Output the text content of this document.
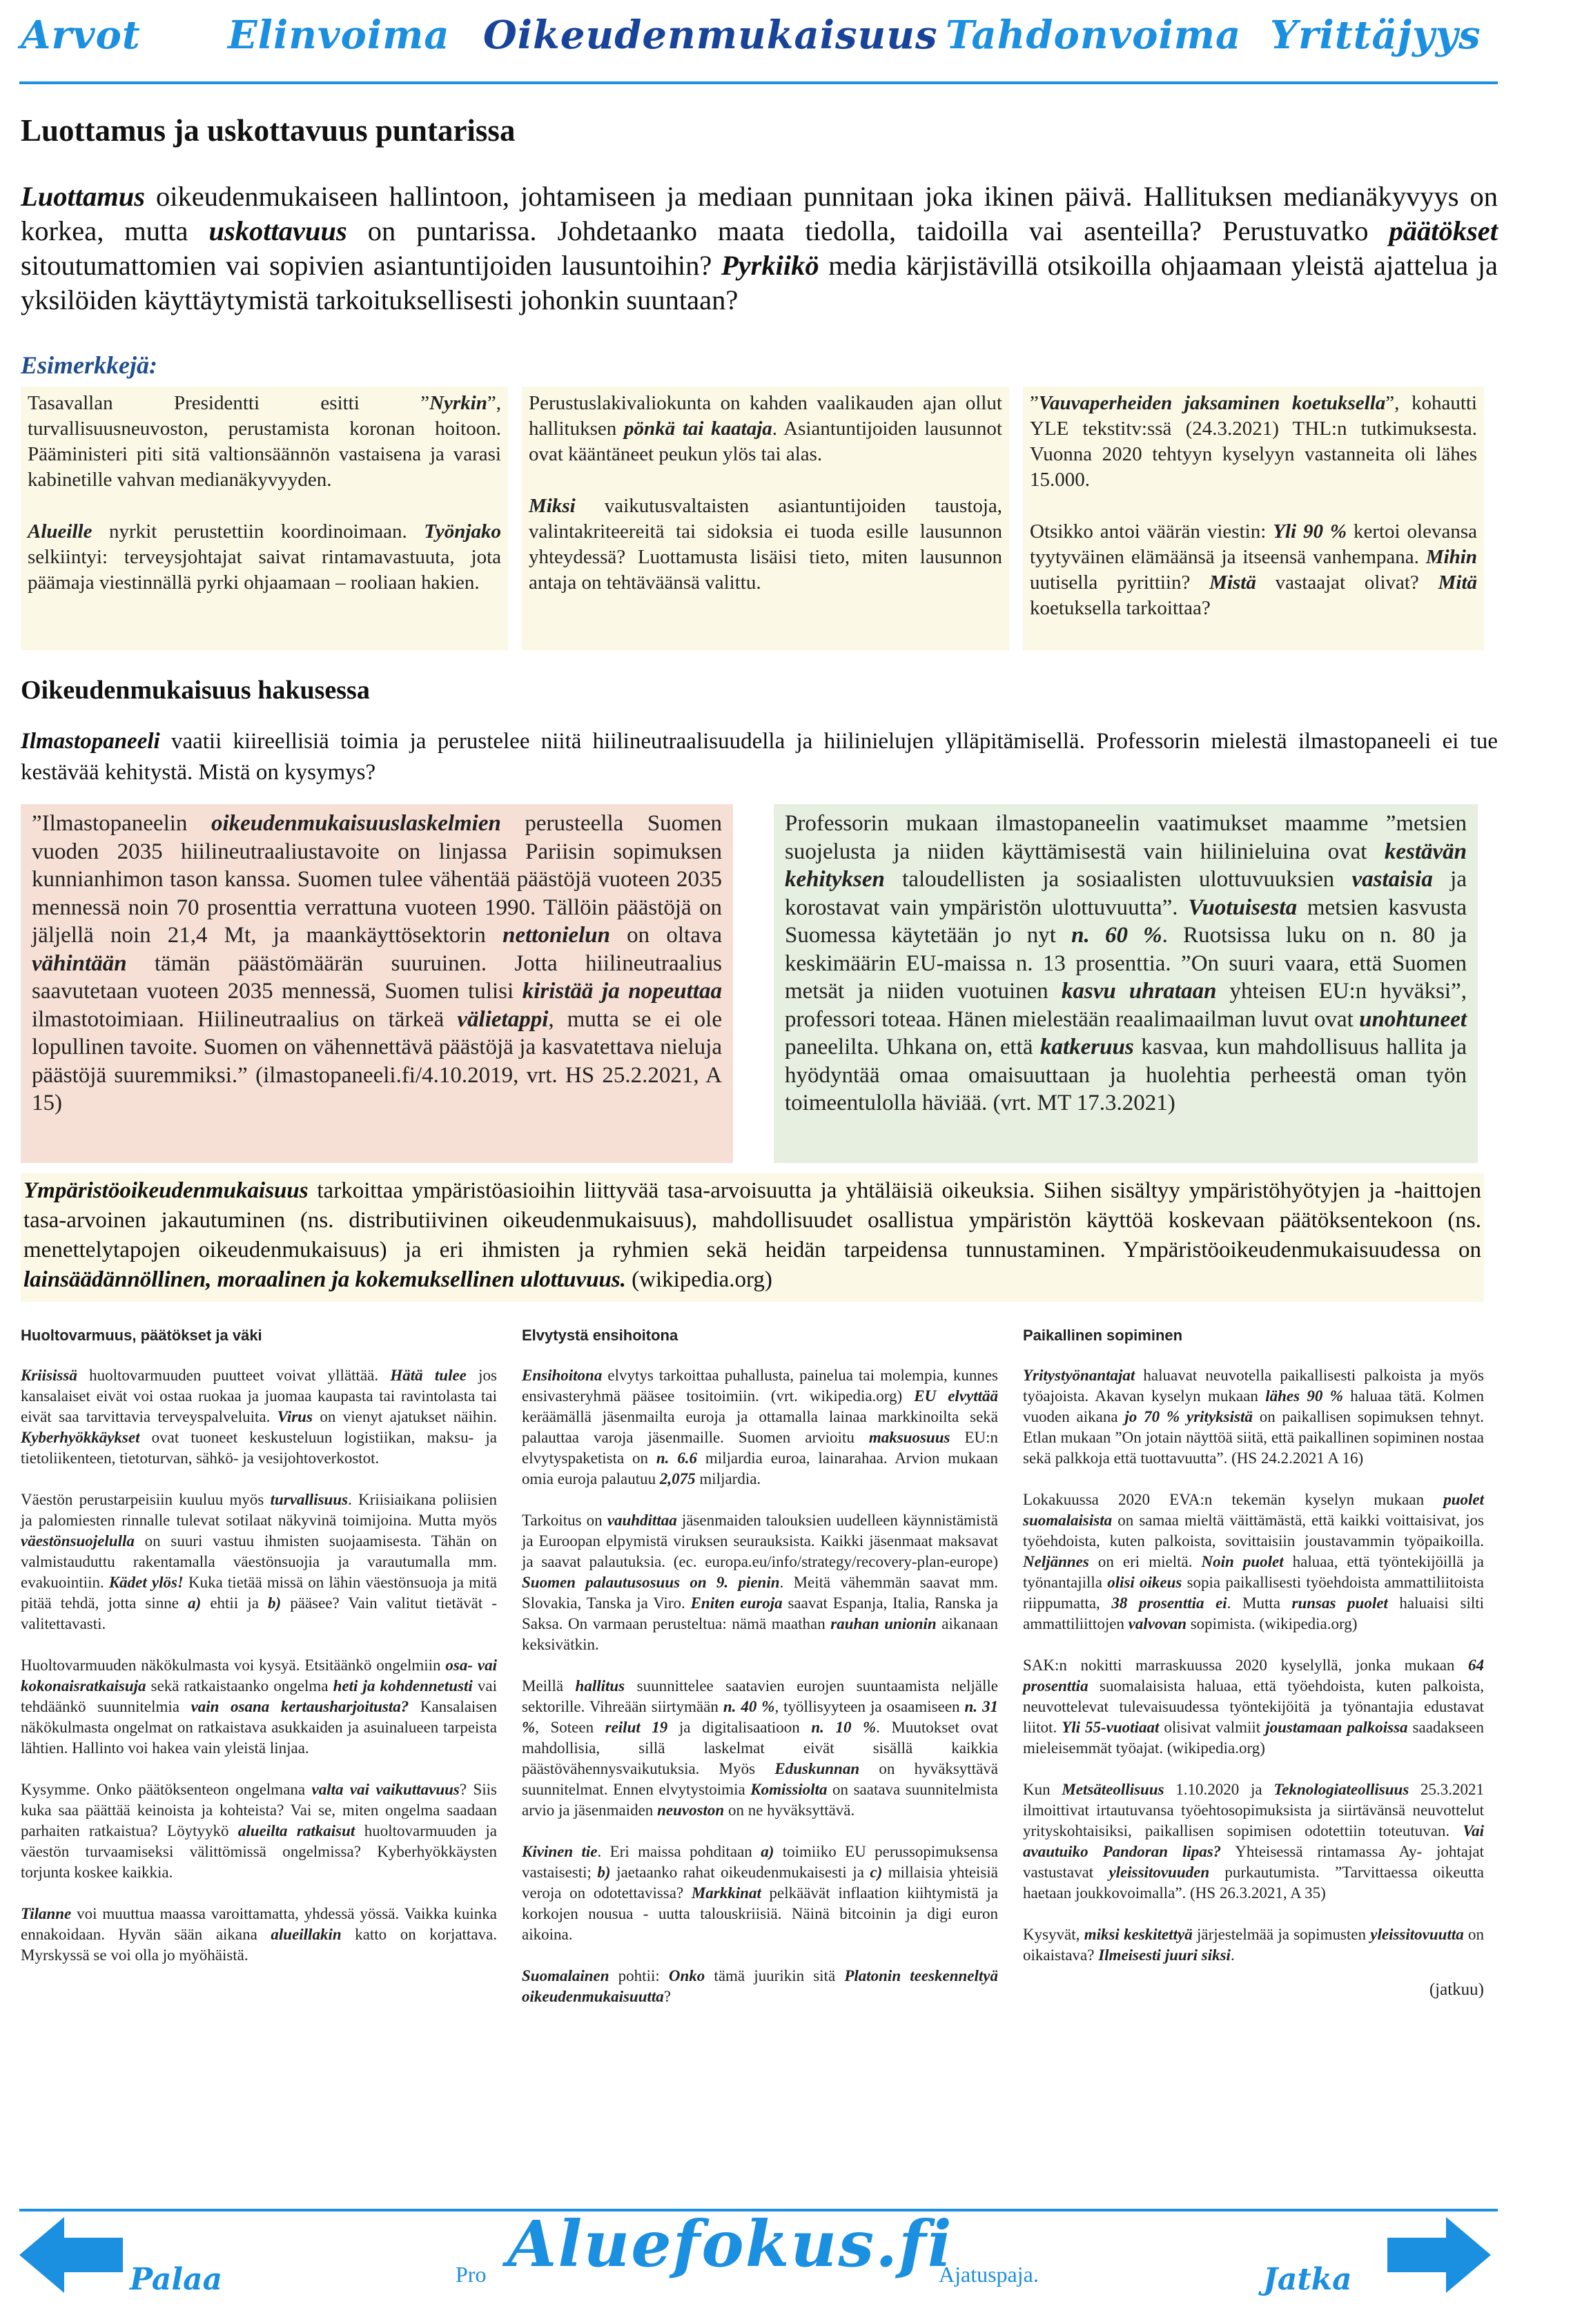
Arvot Elinvoima Oikeudenmukaisuus Tahdonvoima Yrittäjyys
Luottamus ja uskottavuus puntarissa
Luottamus oikeudenmukaiseen hallintoon, johtamiseen ja mediaan punnitaan joka ikinen päivä. Hallituksen medianäkyvyys on korkea, mutta uskottavuus on puntarissa. Johdetaanko maata tiedolla, taidoilla vai asenteilla? Perustuvatko päätökset sitoutumattomien vai sopivien asiantuntijoiden lausuntoihin? Pyrkiikö media kärjistävillä otsikoilla ohjaamaan yleistä ajattelua ja yksilöiden käyttäytymistä tarkoituksellisesti johonkin suuntaan?
Esimerkkejä:

Tasavallan Presidentti esitti ”Nyrkin”, turvallisuusneuvoston, perustamista koronan hoitoon. Pääministeri piti sitä valtionsäännön vastaisena ja varasi kabinetille vahvan medianäkyvyyden.

Alueille nyrkit perustettiin koordinoimaan. Työnjako selkiintyi: terveysjohtajat saivat rintamavastuuta, jota päämaja viestinnällä pyrki ohjaamaan – rooliaan hakien.

Perustuslakivaliokunta on kahden vaalikauden ajan ollut hallituksen pönkä tai kaataja. Asiantuntijoiden lausunnot ovat kääntäneet peukun ylös tai alas.

Miksi vaikutusvaltaisten asiantuntijoiden taustoja, valintakriteereitä tai sidoksia ei tuoda esille lausunnon yhteydessä? Luottamusta lisäisi tieto, miten lausunnon antaja on tehtäväänsä valittu.

”Vauvaperheiden jaksaminen koetuksella”, kohautti YLE tekstitv:ssä (24.3.2021) THL:n tutkimuksesta. Vuonna 2020 tehtyyn kyselyyn vastanneita oli lähes 15.000.

Otsikko antoi väärän viestin: Yli 90 % kertoi olevansa tyytyväinen elämäänsä ja itseensä vanhempana. Mihin uutisella pyrittiin? Mistä vastaajat olivat? Mitä koetuksella tarkoittaa?

Oikeudenmukaisuus hakusessa
Ilmastopaneeli vaatii kiireellisiä toimia ja perustelee niitä hiilineutraalisuudella ja hiilinielujen ylläpitämisellä. Professorin mielestä ilmastopaneeli ei tue kestävää kehitystä. Mistä on kysymys?
”Ilmastopaneelin oikeudenmukaisuuslaskelmien perusteella Suomen vuoden 2035 hiilineutraaliustavoite on linjassa Pariisin sopimuksen kunnianhimon tason kanssa. Suomen tulee vähentää päästöjä vuoteen 2035 mennessä noin 70 prosenttia verrattuna vuoteen 1990. Tällöin päästöjä on jäljellä noin 21,4 Mt, ja maankäyttösektorin nettonielun on oltava vähintään tämän päästömäärän suuruinen. Jotta hiilineutraalius saavutetaan vuoteen 2035 mennessä, Suomen tulisi kiristää ja nopeuttaa ilmastotoimiaan. Hiilineutraalius on tärkeä välietappi, mutta se ei ole lopullinen tavoite. Suomen on vähennettävä päästöjä ja kasvatettava nieluja päästöjä suuremmiksi.” (ilmastopaneeli.fi/4.10.2019, vrt. HS 25.2.2021, A 15)
Professorin mukaan ilmastopaneelin vaatimukset maamme ”metsien suojelusta ja niiden käyttämisestä vain hiilinieluina ovat kestävän kehityksen taloudellisten ja sosiaalisten ulottuvuuksien vastaisia ja korostavat vain ympäristön ulottuvuutta”. Vuotuisesta metsien kasvusta Suomessa käytetään jo nyt n. 60 %. Ruotsissa luku on n. 80 ja keskimäärin EU-maissa n. 13 prosenttia. ”On suuri vaara, että Suomen metsät ja niiden vuotuinen kasvu uhrataan yhteisen EU:n hyväksi”, professori toteaa. Hänen mielestään reaalimaailman luvut ovat unohtuneet paneelilta. Uhkana on, että katkeruus kasvaa, kun mahdollisuus hallita ja hyödyntää omaa omaisuuttaan ja huolehtia perheestä oman työn toimeentulolla häviää. (vrt. MT 17.3.2021)
Ympäristöoikeudenmukaisuus tarkoittaa ympäristöasioihin liittyvää tasa-arvoisuutta ja yhtäläisiä oikeuksia. Siihen sisältyy ympäristöhyötyjen ja -haittojen tasa-arvoinen jakautuminen (ns. distributiivinen oikeudenmukaisuus), mahdollisuudet osallistua ympäristön käyttöä koskevaan päätöksentekoon (ns. menettelytapojen oikeudenmukaisuus) ja eri ihmisten ja ryhmien sekä heidän tarpeidensa tunnustaminen. Ympäristöoikeudenmukaisuudessa on lainsäädännöllinen, moraalinen ja kokemuksellinen ulottuvuus. (wikipedia.org)
Huoltovarmuus, päätökset ja väki

Kriisissä huoltovarmuuden puutteet voivat yllättää. Hätä tulee jos kansalaiset eivät voi ostaa ruokaa ja juomaa kaupasta tai ravintolasta tai eivät saa tarvittavia terveyspalveluita. Virus on vienyt ajatukset näihin. Kyberhyökkäykset ovat tuoneet keskusteluun logistiikan, maksu- ja tietoliikenteen, tietoturvan, sähkö- ja vesijohtoverkostot.

Väestön perustarpeisiin kuuluu myös turvallisuus. Kriisiaikana poliisien ja palomiesten rinnalle tulevat sotilaat näkyvinä toimijoina. Mutta myös väestönsuojelulla on suuri vastuu ihmisten suojaamisesta. Tähän on valmistauduttu rakentamalla väestönsuojia ja varautumalla mm. evakuointiin. Kädet ylös! Kuka tietää missä on lähin väestönsuoja ja mitä pitää tehdä, jotta sinne a) ehtii ja b) pääsee? Vain valitut tietävät - valitettavasti.

Huoltovarmuuden näkökulmasta voi kysyä. Etsitäänkö ongelmiin osa- vai kokonaisratkaisuja sekä ratkaistaanko ongelma heti ja kohdennetusti vai tehdäänkö suunnitelmia vain osana kertausharjoitusta? Kansalaisen näkökulmasta ongelmat on ratkaistava asukkaiden ja asuinalueen tarpeista lähtien. Hallinto voi hakea vain yleistä linjaa.

Kysymme. Onko päätöksenteon ongelmana valta vai vaikuttavuus? Siis kuka saa päättää keinoista ja kohteista? Vai se, miten ongelma saadaan parhaiten ratkaistua? Löytyykö alueilta ratkaisut huoltovarmuuden ja väestön turvaamiseksi välittömissä ongelmissa? Kyberhyökkäysten torjunta koskee kaikkia.

Tilanne voi muuttua maassa varoittamatta, yhdessä yössä. Vaikka kuinka ennakoidaan. Hyvän sään aikana alueillakin katto on korjattava. Myrskyssä se voi olla jo myöhäistä.

Elvytystä ensihoitona

Ensihoitona elvytys tarkoittaa puhallusta, painelua tai molempia, kunnes ensivasteryhmä pääsee tositoimiin. (vrt. wikipedia.org) EU elvyttää keräämällä jäsenmailta euroja ja ottamalla lainaa markkinoilta sekä palauttaa varoja jäsenmaille. Suomen arvioitu maksuosuus EU:n elvytyspaketista on n. 6.6 miljardia euroa, lainarahaa. Arvion mukaan omia euroja palautuu 2,075 miljardia.

Tarkoitus on vauhdittaa jäsenmaiden talouksien uudelleen käynnistämistä ja Euroopan elpymistä viruksen seurauksista. Kaikki jäsenmaat maksavat ja saavat palautuksia. (ec. europa.eu/info/strategy/recovery-plan-europe) Suomen palautusosuus on 9. pienin. Meitä vähemmän saavat mm. Slovakia, Tanska ja Viro. Eniten euroja saavat Espanja, Italia, Ranska ja Saksa. On varmaan perusteltua: nämä maathan rauhan unionin aikanaan keksivätkin.

Meillä hallitus suunnittelee saatavien eurojen suuntaamista neljälle sektorille. Vihreään siirtymään n. 40 %, työllisyyteen ja osaamiseen n. 31 %, Soteen reilut 19 ja digitalisaatioon n. 10 %. Muutokset ovat mahdollisia, sillä laskelmat eivät sisällä kaikkia päästövähennysvaikutuksia. Myös Eduskunnan on hyväksyttävä suunnitelmat. Ennen elvytystoimia Komissiolta on saatava suunnitelmista arvio ja jäsenmaiden neuvoston on ne hyväksyttävä.

Kivinen tie. Eri maissa pohditaan a) toimiiko EU perussopimuksensa vastaisesti; b) jaetaanko rahat oikeudenmukaisesti ja c) millaisia yhteisiä veroja on odotettavissa? Markkinat pelkäävät inflaation kiihtymistä ja korkojen nousua - uutta talouskriisiä. Näinä bitcoinin ja digi euron aikoina.

Suomalainen pohtii: Onko tämä juurikin sitä Platonin teeskenneltyä oikeudenmukaisuutta?

Paikallinen sopiminen

Yritystyönantajat haluavat neuvotella paikallisesti palkoista ja myös työajoista. Akavan kyselyn mukaan lähes 90 % haluaa tätä. Kolmen vuoden aikana jo 70 % yrityksistä on paikallisen sopimuksen tehnyt. Etlan mukaan ”On jotain näyttöä siitä, että paikallinen sopiminen nostaa sekä palkkoja että tuottavuutta”. (HS 24.2.2021 A 16)

Lokakuussa 2020 EVA:n tekemän kyselyn mukaan puolet suomalaisista on samaa mieltä väittämästä, että kaikki voittaisivat, jos työehdoista, kuten palkoista, sovittaisiin joustavammin työpaikoilla. Neljännes on eri mieltä. Noin puolet haluaa, että työntekijöillä ja työnantajilla olisi oikeus sopia paikallisesti työehdoista ammattiliitoista riippumatta, 38 prosenttia ei. Mutta runsas puolet haluaisi silti ammattiliittojen valvovan sopimista. (wikipedia.org)

SAK:n nokitti marraskuussa 2020 kyselyllä, jonka mukaan 64 prosenttia suomalaisista haluaa, että työehdoista, kuten palkoista, neuvottelevat tulevaisuudessa työntekijöitä ja työnantajia edustavat liitot. Yli 55-vuotiaat olisivat valmiit joustamaan palkoissa saadakseen mieleisemmät työajat. (wikipedia.org)

Kun Metsäteollisuus 1.10.2020 ja Teknologiateollisuus 25.3.2021 ilmoittivat irtautuvansa työehtosopimuksista ja siirtävänsä neuvottelut yrityskohtaisiksi, paikallisen sopimisen odotettiin toteutuvan. Vai avautuiko Pandoran lipas? Yhteisessä rintamassa Ay- johtajat vastustavat yleissitovuuden purkautumista. ”Tarvittaessa oikeutta haetaan joukkovoimalla”. (HS 26.3.2021, A 35)

Kysyvät, miksi keskitettyä järjestelmää ja sopimusten yleissitovuutta on oikaistava? Ilmeisesti juuri siksi.

(jatkuu)
Palaa	Pro Aluefokus.fi
Ajatuspaja.	Jatka
